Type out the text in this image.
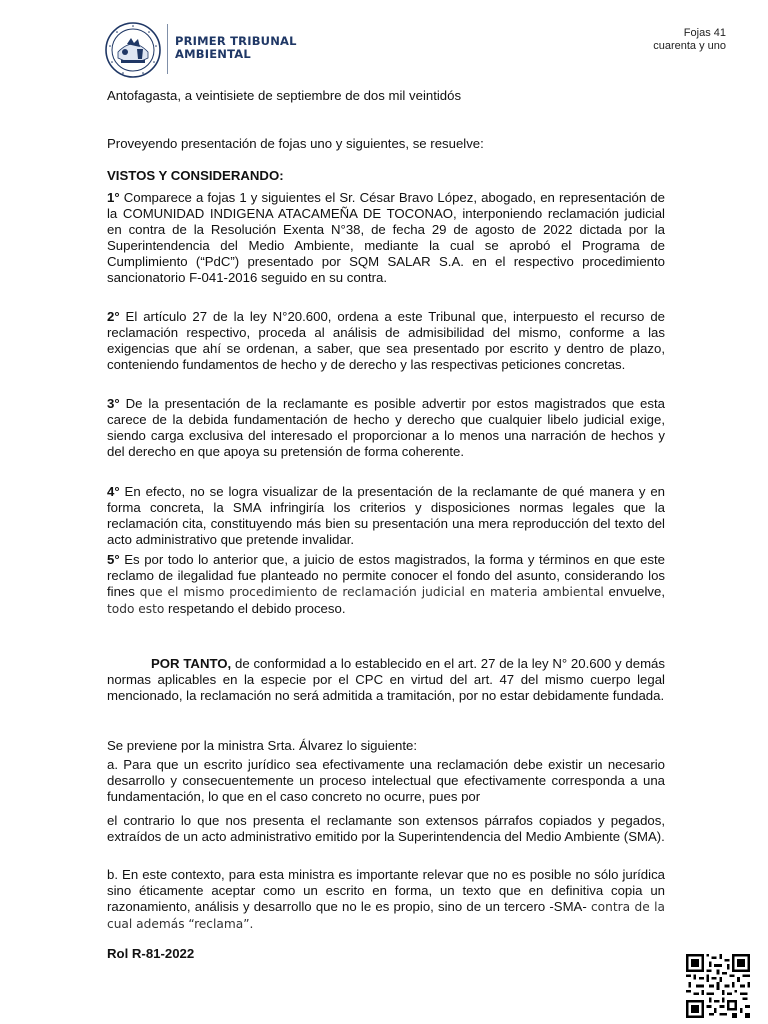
PRIMER TRIBUNAL
AMBIENTAL
Fojas 41
cuarenta y uno
Antofagasta, a veintisiete de septiembre de dos mil veintidós
Proveyendo presentación de fojas uno y siguientes, se resuelve:
VISTOS Y CONSIDERANDO:
1° Comparece a fojas 1 y siguientes el Sr. César Bravo López, abogado, en representación de la COMUNIDAD INDIGENA ATACAMEÑA DE TOCONAO, interponiendo reclamación judicial en contra de la Resolución Exenta N°38, de fecha 29 de agosto de 2022 dictada por la Superintendencia del Medio Ambiente, mediante la cual se aprobó el Programa de Cumplimiento (“PdC”) presentado por SQM SALAR S.A. en el respectivo procedimiento sancionatorio F-041-2016 seguido en su contra.
2° El artículo 27 de la ley N°20.600, ordena a este Tribunal que, interpuesto el recurso de reclamación respectivo, proceda al análisis de admisibilidad del mismo, conforme a las exigencias que ahí se ordenan, a saber, que sea presentado por escrito y dentro de plazo, conteniendo fundamentos de hecho y de derecho y las respectivas peticiones concretas.
3° De la presentación de la reclamante es posible advertir por estos magistrados que esta carece de la debida fundamentación de hecho y derecho que cualquier libelo judicial exige, siendo carga exclusiva del interesado el proporcionar a lo menos una narración de hechos y del derecho en que apoya su pretensión de forma coherente.
4° En efecto, no se logra visualizar de la presentación de la reclamante de qué manera y en forma concreta, la SMA infringiría los criterios y disposiciones normas legales que la reclamación cita, constituyendo más bien su presentación una mera reproducción del texto del acto administrativo que pretende invalidar.
5° Es por todo lo anterior que, a juicio de estos magistrados, la forma y términos en que este reclamo de ilegalidad fue planteado no permite conocer el fondo del asunto, considerando los fines que el mismo procedimiento de reclamación judicial en materia ambiental envuelve, todo esto respetando el debido proceso.
POR TANTO, de conformidad a lo establecido en el art. 27 de la ley N° 20.600 y demás normas aplicables en la especie por el CPC en virtud del art. 47 del mismo cuerpo legal mencionado, la reclamación no será admitida a tramitación, por no estar debidamente fundada.
Se previene por la ministra Srta. Álvarez lo siguiente:
a. Para que un escrito jurídico sea efectivamente una reclamación debe existir un necesario desarrollo y consecuentemente un proceso intelectual que efectivamente corresponda a una fundamentación, lo que en el caso concreto no ocurre, pues por
el contrario lo que nos presenta el reclamante son extensos párrafos copiados y pegados, extraídos de un acto administrativo emitido por la Superintendencia del Medio Ambiente (SMA).
b. En este contexto, para esta ministra es importante relevar que no es posible no sólo jurídica sino éticamente aceptar como un escrito en forma, un texto que en definitiva copia un razonamiento, análisis y desarrollo que no le es propio, sino de un tercero -SMA- contra de la cual además “reclama”.
Rol R-81-2022
